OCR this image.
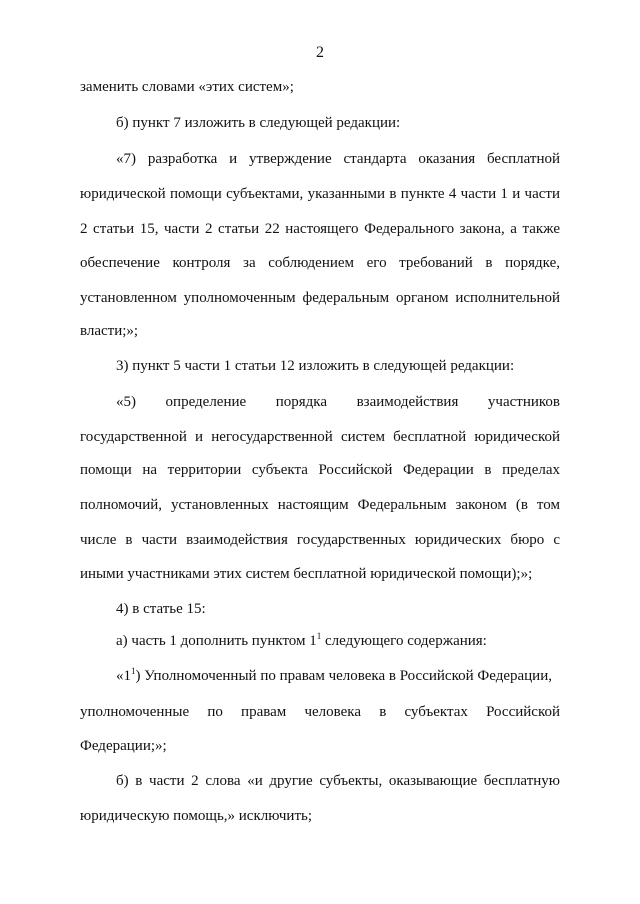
2
заменить словами «этих систем»;
б) пункт 7 изложить в следующей редакции:
«7) разработка и утверждение стандарта оказания бесплатной
юридической помощи субъектами, указанными в пункте 4 части 1 и части
2 статьи 15, части 2 статьи 22 настоящего Федерального закона, а также
обеспечение контроля за соблюдением его требований в порядке,
установленном уполномоченным федеральным органом исполнительной
власти;»;
3) пункт 5 части 1 статьи 12 изложить в следующей редакции:
«5) определение порядка взаимодействия участников
государственной и негосударственной систем бесплатной юридической
помощи на территории субъекта Российской Федерации в пределах
полномочий, установленных настоящим Федеральным законом (в том
числе в части взаимодействия государственных юридических бюро с
иными участниками этих систем бесплатной юридической помощи);»;
4) в статье 15:
а) часть 1 дополнить пунктом $1^1$ следующего содержания:
«$1^1$) Уполномоченный по правам человека в Российской Федерации,
уполномоченные по правам человека в субъектах Российской
Федерации;»;
б) в части 2 слова «и другие субъекты, оказывающие бесплатную
юридическую помощь,» исключить;
